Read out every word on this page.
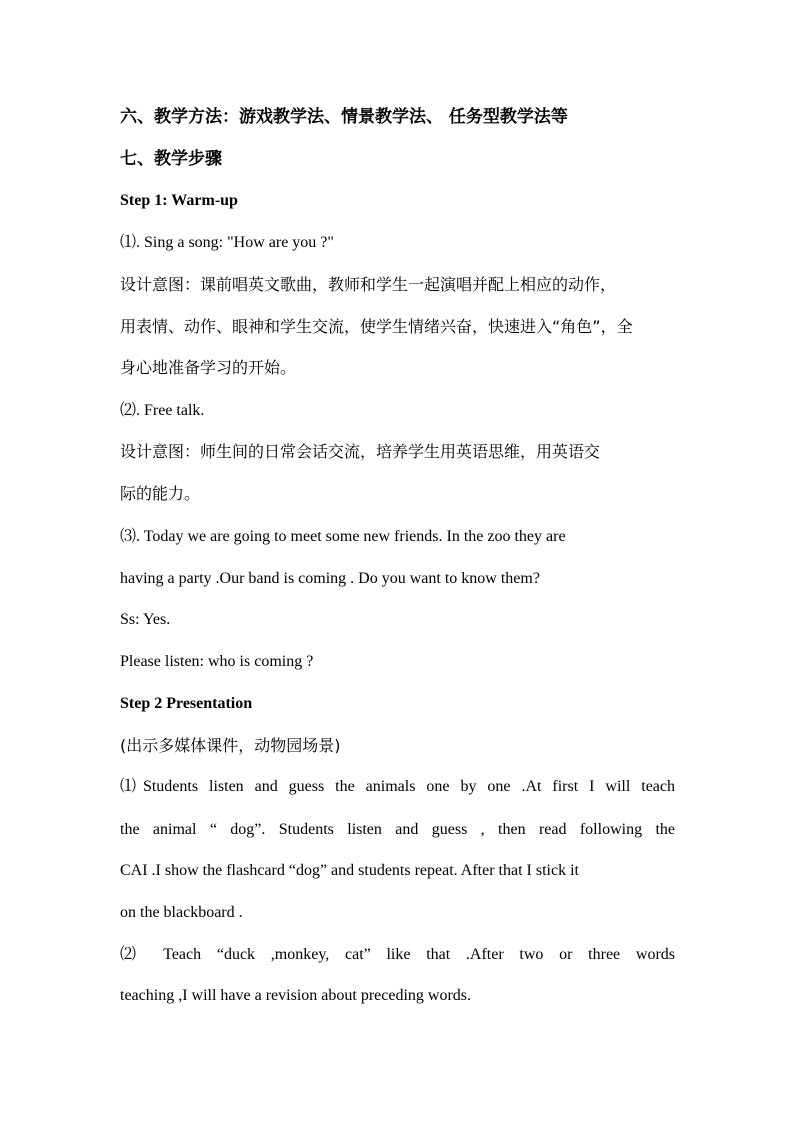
六、教学方法：游戏教学法、情景教学法、 任务型教学法等
七、教学步骤
Step 1: Warm-up
⑴. Sing a song: "How are you ?"
设计意图：课前唱英文歌曲，教师和学生一起演唱并配上相应的动作，
用表情、动作、眼神和学生交流，使学生情绪兴奋，快速进入“角色”，全
身心地准备学习的开始。
⑵. Free talk.
设计意图：师生间的日常会话交流，培养学生用英语思维，用英语交
际的能力。
⑶. Today we are going to meet some new friends. In the zoo they are
having a party .Our band is coming . Do you want to know them?
Ss: Yes.
Please listen: who is coming ?
Step 2 Presentation
(出示多媒体课件，动物园场景)
⑴Students listen and guess the animals one by one .At first I will teach
the animal “ dog”. Students listen and guess , then read following the
CAI .I show the flashcard “dog” and students repeat. After that I stick it
on the blackboard .
⑵ Teach “duck ,monkey, cat” like that .After two or three words
teaching ,I will have a revision about preceding words.
